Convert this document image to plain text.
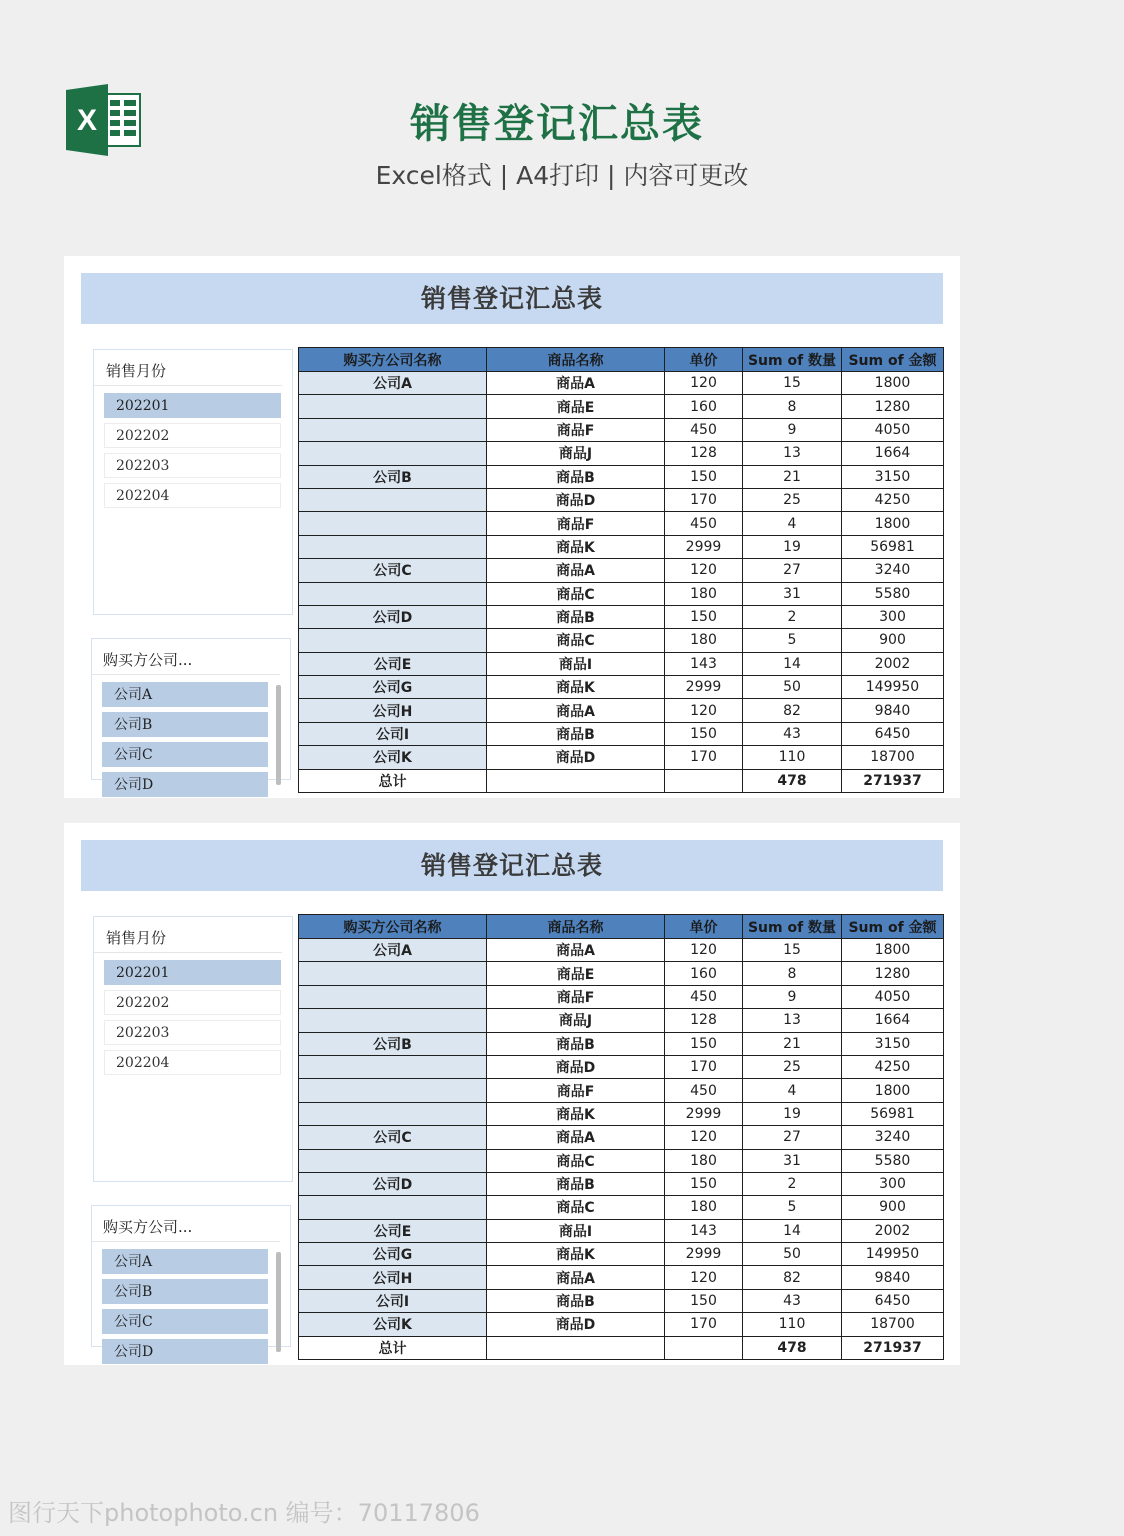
X	销售登记汇总表
Excel格式 | A4打印 | 内容可更改
销售登记汇总表
销售月份
202201
202202
202203
202204
购买方公司...
公司A
公司B
公司C
公司D
购买方公司名称	商品名称	单价	Sum of 数量	Sum of 金额
公司A	商品A	120	15	1800
	商品E	160	8	1280
	商品F	450	9	4050
	商品J	128	13	1664
公司B	商品B	150	21	3150
	商品D	170	25	4250
	商品F	450	4	1800
	商品K	2999	19	56981
公司C	商品A	120	27	3240
	商品C	180	31	5580
公司D	商品B	150	2	300
	商品C	180	5	900
公司E	商品I	143	14	2002
公司G	商品K	2999	50	149950
公司H	商品A	120	82	9840
公司I	商品B	150	43	6450
公司K	商品D	170	110	18700
总计			478	271937
销售登记汇总表
销售月份
202201
202202
202203
202204
购买方公司...
公司A
公司B
公司C
公司D
购买方公司名称	商品名称	单价	Sum of 数量	Sum of 金额
公司A	商品A	120	15	1800
	商品E	160	8	1280
	商品F	450	9	4050
	商品J	128	13	1664
公司B	商品B	150	21	3150
	商品D	170	25	4250
	商品F	450	4	1800
	商品K	2999	19	56981
公司C	商品A	120	27	3240
	商品C	180	31	5580
公司D	商品B	150	2	300
	商品C	180	5	900
公司E	商品I	143	14	2002
公司G	商品K	2999	50	149950
公司H	商品A	120	82	9840
公司I	商品B	150	43	6450
公司K	商品D	170	110	18700
总计			478	271937
图行天下photophoto.cn 编号：70117806
